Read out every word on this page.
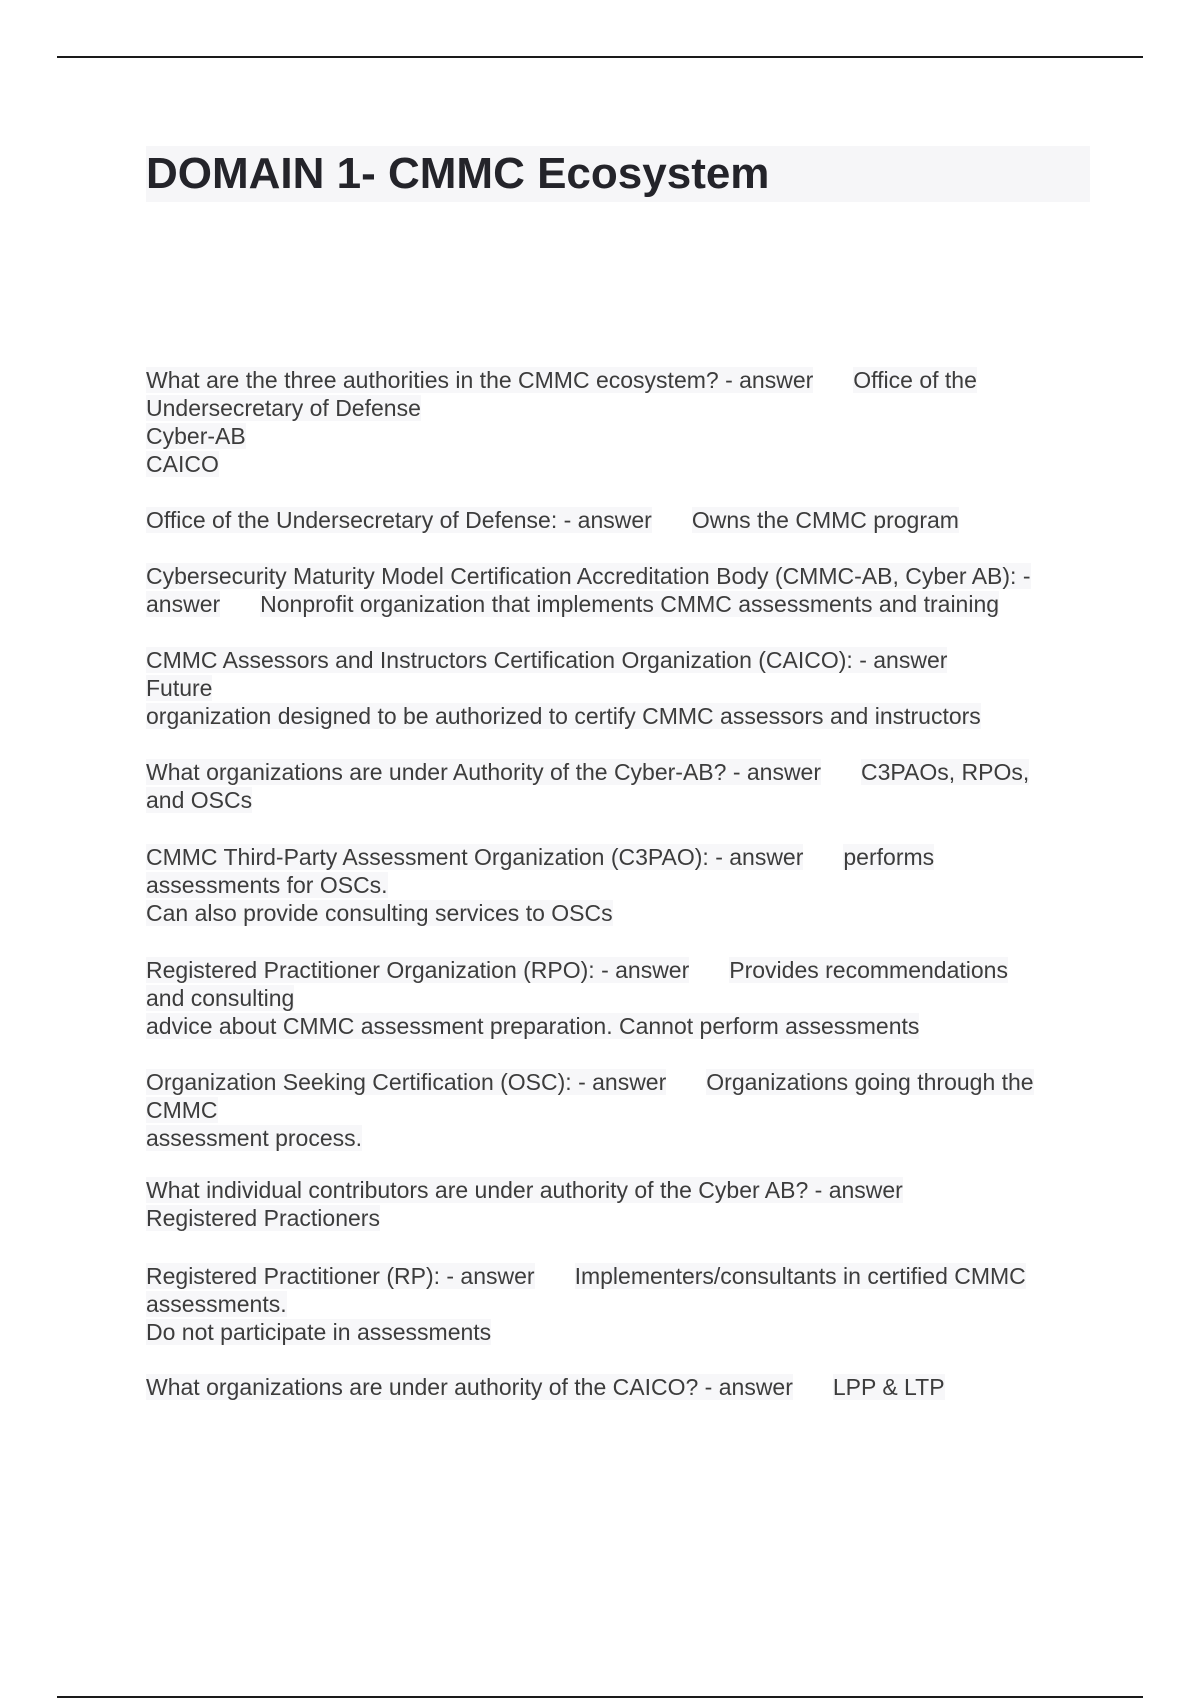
DOMAIN 1- CMMC Ecosystem
What are the three authorities in the CMMC ecosystem? - answer Office of the
Undersecretary of Defense
Cyber-AB
CAICO
Office of the Undersecretary of Defense: - answer Owns the CMMC program
Cybersecurity Maturity Model Certification Accreditation Body (CMMC-AB, Cyber AB): -
answer Nonprofit organization that implements CMMC assessments and training
CMMC Assessors and Instructors Certification Organization (CAICO): - answer
Future
organization designed to be authorized to certify CMMC assessors and instructors
What organizations are under Authority of the Cyber-AB? - answer C3PAOs, RPOs,
and OSCs
CMMC Third-Party Assessment Organization (C3PAO): - answer performs
assessments for OSCs.
Can also provide consulting services to OSCs
Registered Practitioner Organization (RPO): - answer Provides recommendations
and consulting
advice about CMMC assessment preparation. Cannot perform assessments
Organization Seeking Certification (OSC): - answer Organizations going through the
CMMC
assessment process.
What individual contributors are under authority of the Cyber AB? - answer
Registered Practioners
Registered Practitioner (RP): - answer Implementers/consultants in certified CMMC
assessments.
Do not participate in assessments
What organizations are under authority of the CAICO? - answer LPP & LTP
